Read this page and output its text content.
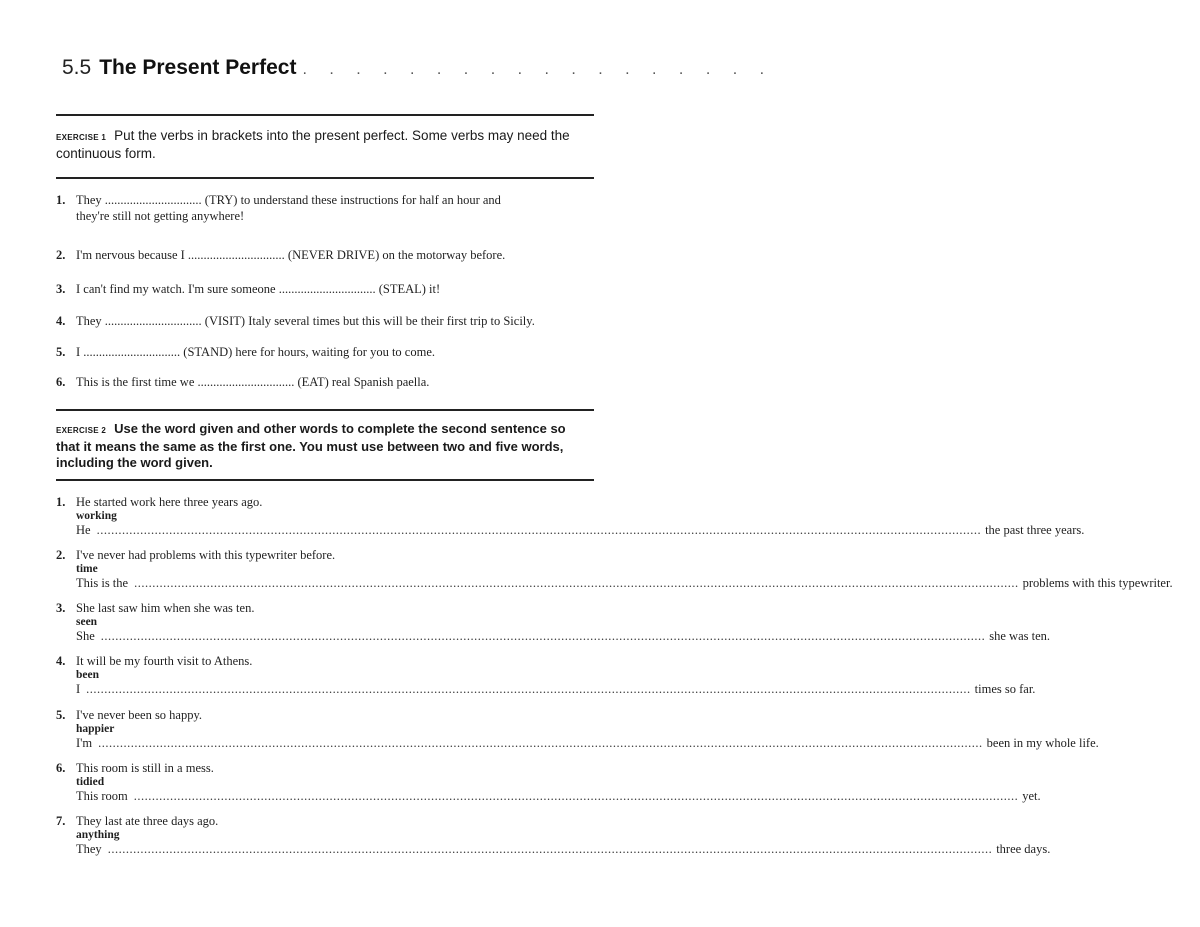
5.5 The Present Perfect . . . . . . . . . . . . . . . . . .
EXERCISE 1 Put the verbs in brackets into the present perfect. Some verbs may need the continuous form.
1. They ............................... (TRY) to understand these instructions for half an hour and
they're still not getting anywhere!
2. I'm nervous because I ............................... (NEVER DRIVE) on the motorway before.
3. I can't find my watch. I'm sure someone ............................... (STEAL) it!
4. They ............................... (VISIT) Italy several times but this will be their first trip to Sicily.
5. I ............................... (STAND) here for hours, waiting for you to come.
6. This is the first time we ............................... (EAT) real Spanish paella.
EXERCISE 2 Use the word given and other words to complete the second sentence so that it means the same as the first one. You must use between two and five words, including the word given.
1. He started work here three years ago.
working
He .....	the past three years.
2. I've never had problems with this typewriter before.
time
This is the .....	problems with this typewriter.
3. She last saw him when she was ten.
seen
She .....	she was ten.
4. It will be my fourth visit to Athens.
been
I .....	times so far.
5. I've never been so happy.
happier
I'm .....	been in my whole life.
6. This room is still in a mess.
tidied
This room .....	yet.
7. They last ate three days ago.
anything
They .....	three days.
